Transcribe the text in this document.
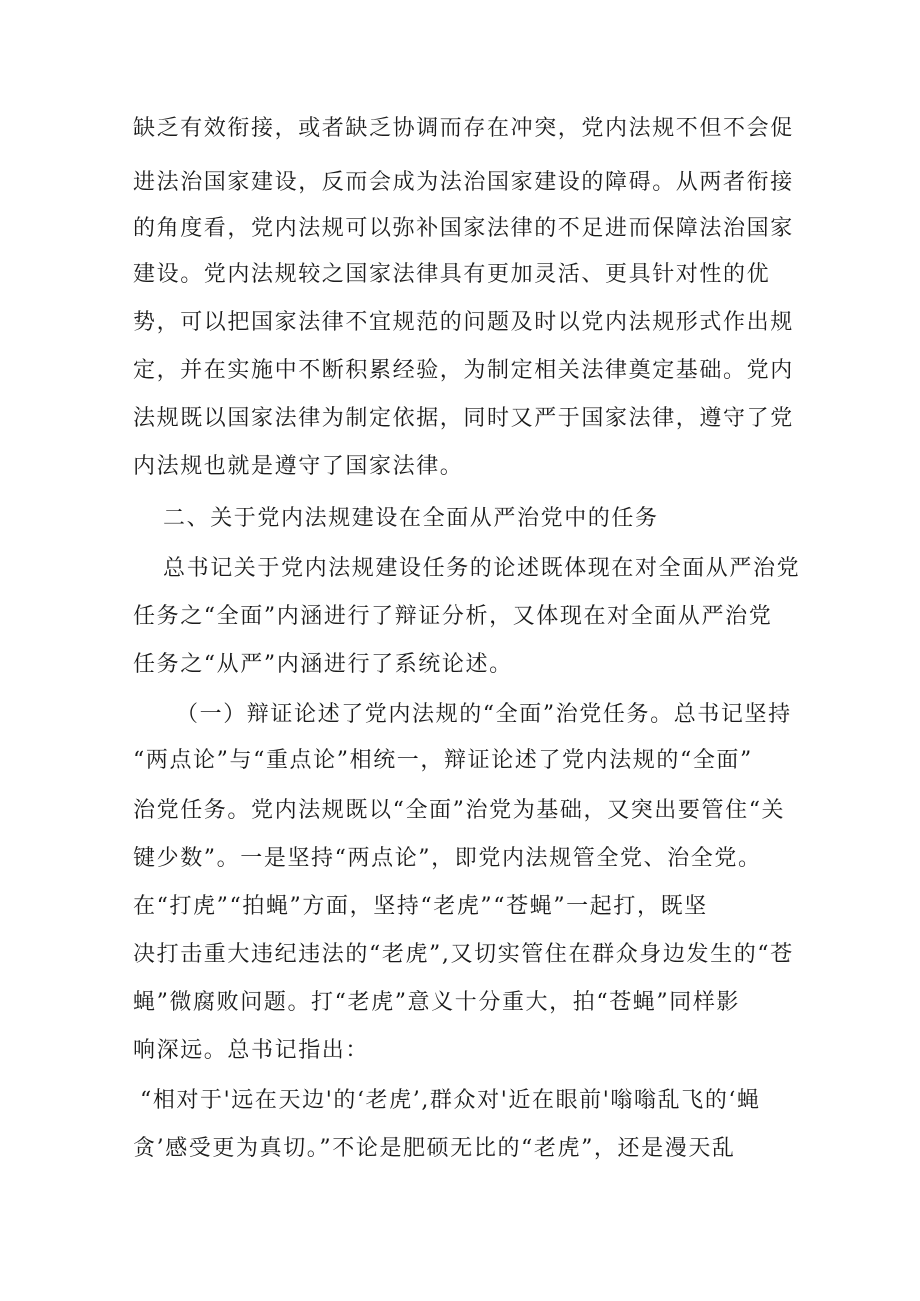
缺乏有效衔接，或者缺乏协调而存在冲突，党内法规不但不会促

进法治国家建设，反而会成为法治国家建设的障碍。从两者衔接

的角度看，党内法规可以弥补国家法律的不足进而保障法治国家

建设。党内法规较之国家法律具有更加灵活、更具针对性的优

势，可以把国家法律不宜规范的问题及时以党内法规形式作出规

定，并在实施中不断积累经验，为制定相关法律奠定基础。党内

法规既以国家法律为制定依据，同时又严于国家法律，遵守了党

内法规也就是遵守了国家法律。

二、关于党内法规建设在全面从严治党中的任务

总书记关于党内法规建设任务的论述既体现在对全面从严治党

任务之“全面”内涵进行了辩证分析，又体现在对全面从严治党

任务之“从严”内涵进行了系统论述。

（一）辩证论述了党内法规的“全面”治党任务。总书记坚持

“两点论”与“重点论”相统一，辩证论述了党内法规的“全面”

治党任务。党内法规既以“全面”治党为基础，又突出要管住“关

键少数”。一是坚持“两点论”，即党内法规管全党、治全党。

在“打虎”“拍蝇”方面，坚持“老虎”“苍蝇”一起打，既坚

决打击重大违纪违法的“老虎”,又切实管住在群众身边发生的“苍

蝇”微腐败问题。打“老虎”意义十分重大，拍“苍蝇”同样影

响深远。总书记指出：

“相对于'远在天边'的‘老虎’,群众对'近在眼前'嗡嗡乱飞的‘蝇

贪’感受更为真切。”不论是肥硕无比的“老虎”，还是漫天乱
